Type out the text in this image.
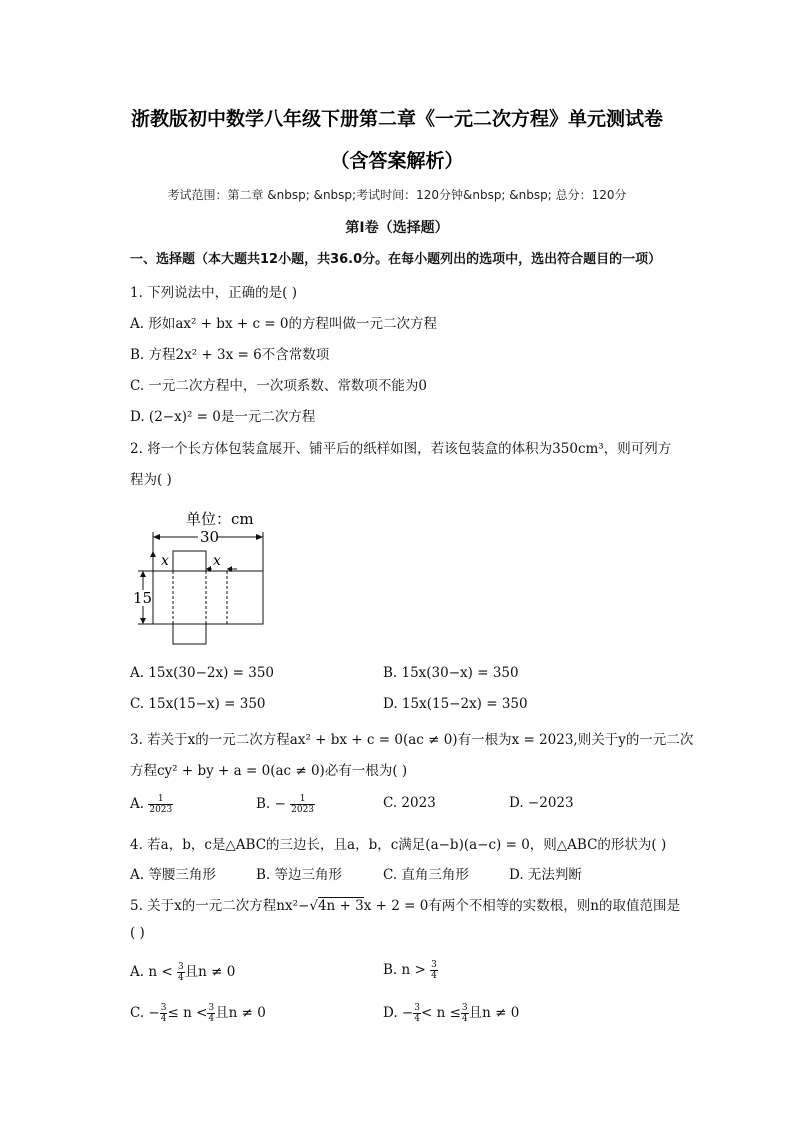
浙教版初中数学八年级下册第二章《一元二次方程》单元测试卷
（含答案解析）
考试范围：第二章 &nbsp; &nbsp;考试时间：120分钟&nbsp; &nbsp; 总分：120分
第I卷（选择题）
一、选择题（本大题共12小题，共36.0分。在每小题列出的选项中，选出符合题目的一项）
1. 下列说法中，正确的是( )
A. 形如ax² + bx + c = 0的方程叫做一元二次方程
B. 方程2x² + 3x = 6不含常数项
C. 一元二次方程中，一次项系数、常数项不能为0
D. (2−x)² = 0是一元二次方程
2. 将一个长方体包装盒展开、铺平后的纸样如图，若该包装盒的体积为350cm³，则可列方
程为( )
单位：cm
30
x	x
15
A. 15x(30−2x) = 350	B. 15x(30−x) = 350
C. 15x(15−x) = 350	D. 15x(15−2x) = 350
3. 若关于x的一元二次方程ax² + bx + c = 0(ac ≠ 0)有一根为x = 2023,则关于y的一元二次
方程cy² + by + a = 0(ac ≠ 0)必有一根为( )
A. $\frac{1}{2023}$	B. − $\frac{1}{2023}$	C. 2023	D. −2023
4. 若a，b，c是△ABC的三边长，且a，b，c满足(a−b)(a−c) = 0，则△ABC的形状为( )
A. 等腰三角形	B. 等边三角形	C. 直角三角形	D. 无法判断
5. 关于x的一元二次方程nx²−√4n + 3x + 2 = 0有两个不相等的实数根，则n的取值范围是
( )
A. $n < \frac{3}{4}$ 且n ≠ 0	B. $n > \frac{3}{4}$
C. − $\frac{3}{4} \le n < \frac{3}{4}$ 且n ≠ 0	D. − $\frac{3}{4} < n \le \frac{3}{4}$ 且n ≠ 0
